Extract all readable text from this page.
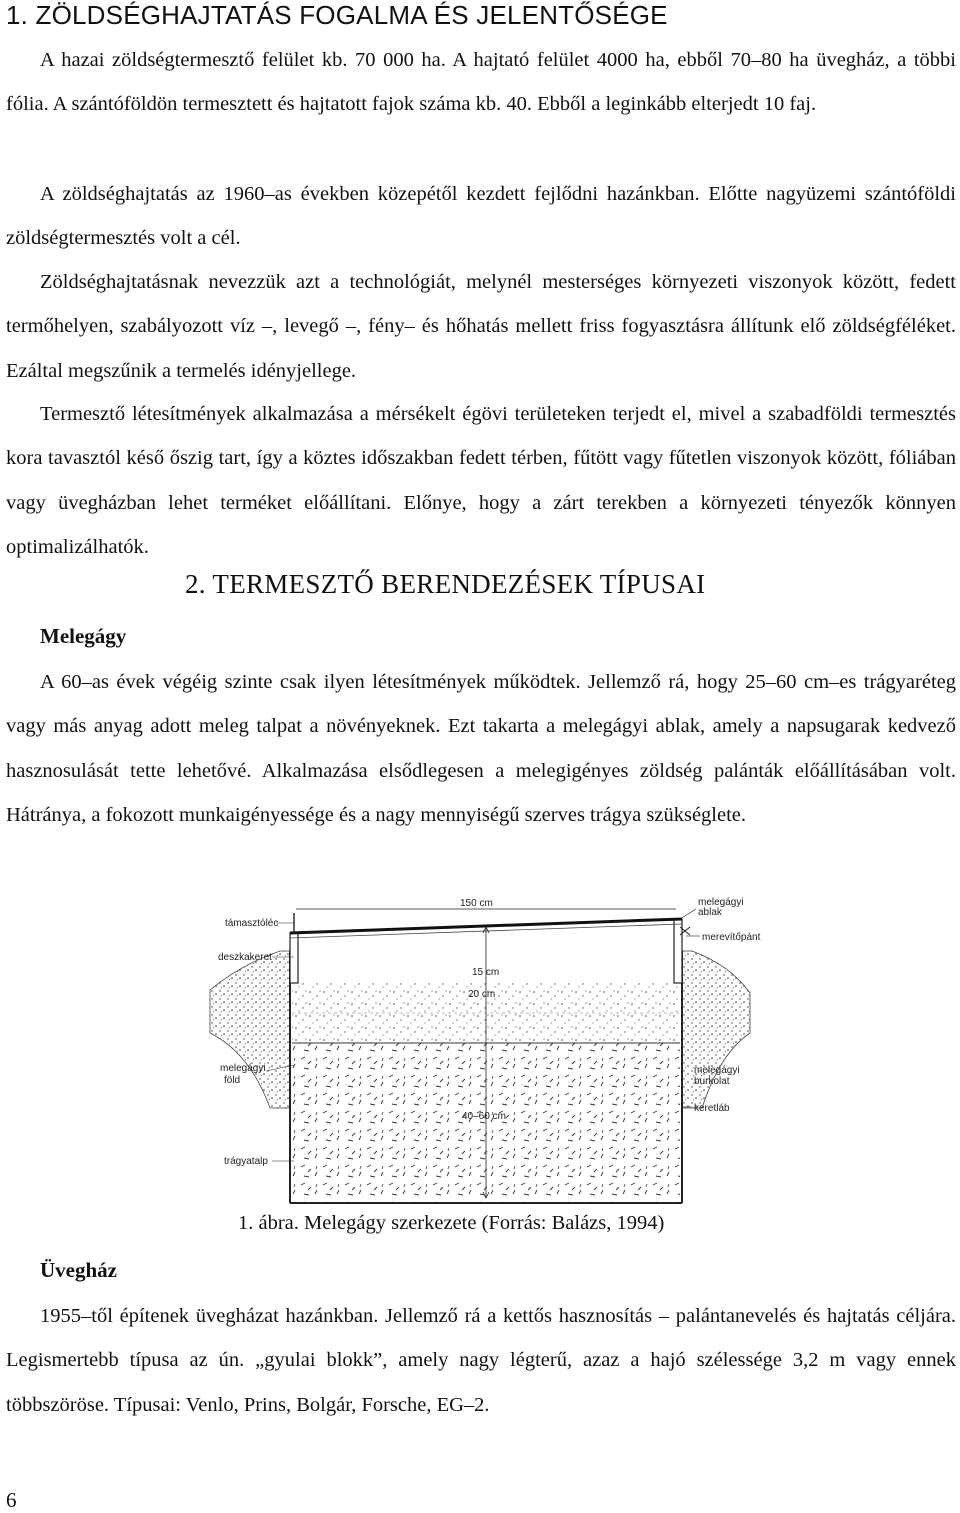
1. ZÖLDSÉGHAJTATÁS FOGALMA ÉS JELENTŐSÉGE

A hazai zöldségtermesztő felület kb. 70 000 ha. A hajtató felület 4000 ha, ebből 70–80 ha üvegház, a többi fólia. A szántóföldön termesztett és hajtatott fajok száma kb. 40. Ebből a leginkább elterjedt 10 faj.

A zöldséghajtatás az 1960–as években közepétől kezdett fejlődni hazánkban. Előtte nagyüzemi szántóföldi zöldségtermesztés volt a cél.

Zöldséghajtatásnak nevezzük azt a technológiát, melynél mesterséges környezeti viszonyok között, fedett termőhelyen, szabályozott víz –, levegő –, fény– és hőhatás mellett friss fogyasztásra állítunk elő zöldségféléket. Ezáltal megszűnik a termelés idényjellege.

Termesztő létesítmények alkalmazása a mérsékelt égövi területeken terjedt el, mivel a szabadföldi termesztés kora tavasztól késő őszig tart, így a köztes időszakban fedett térben, fűtött vagy fűtetlen viszonyok között, fóliában vagy üvegházban lehet terméket előállítani. Előnye, hogy a zárt terekben a környezeti tényezők könnyen optimalizálhatók.

2. TERMESZTŐ BERENDEZÉSEK TÍPUSAI
Melegágy

A 60–as évek végéig szinte csak ilyen létesítmények működtek. Jellemző rá, hogy 25–60 cm–es trágyaréteg vagy más anyag adott meleg talpat a növényeknek. Ezt takarta a melegágyi ablak, amely a napsugarak kedvező hasznosulását tette lehetővé. Alkalmazása elsődlegesen a melegigényes zöldség palánták előállításában volt. Hátránya, a fokozott munkaigényessége és a nagy mennyiségű szerves trágya szükséglete.

támasztóléc
deszkakeret
150 cm
15 cm
20 cm
40–60 cm
melegágyi
ablak
merevítőpánt
melegágyi
föld
melegágyi
burkolat
keretláb
trágyatalp
1. ábra. Melegágy szerkezete (Forrás: Balázs, 1994)
Üvegház

1955–től építenek üvegházat hazánkban. Jellemző rá a kettős hasznosítás – palántanevelés és hajtatás céljára. Legismertebb típusa az ún. „gyulai blokk”, amely nagy légterű, azaz a hajó szélessége 3,2 m vagy ennek többszöröse. Típusai: Venlo, Prins, Bolgár, Forsche, EG–2.

6
